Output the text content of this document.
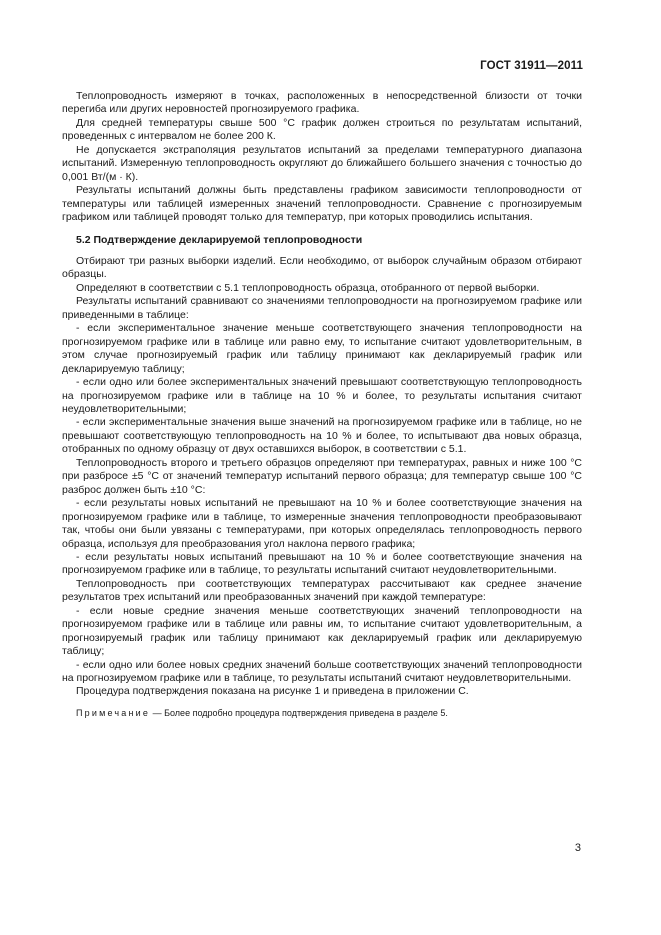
ГОСТ 31911—2011

Теплопроводность измеряют в точках, расположенных в непосредственной близости от точки перегиба или других неровностей прогнозируемого графика.

Для средней температуры свыше 500 °С график должен строиться по результатам испытаний, проведенных с интервалом не более 200 К.

Не допускается экстраполяция результатов испытаний за пределами температурного диапазона испытаний. Измеренную теплопроводность округляют до ближайшего большего значения с точностью до 0,001 Вт/(м · К).

Результаты испытаний должны быть представлены графиком зависимости теплопроводности от температуры или таблицей измеренных значений теплопроводности. Сравнение с прогнозируемым графиком или таблицей проводят только для температур, при которых проводились испытания.

5.2 Подтверждение декларируемой теплопроводности

Отбирают три разных выборки изделий. Если необходимо, от выборок случайным образом отбирают образцы.

Определяют в соответствии с 5.1 теплопроводность образца, отобранного от первой выборки.

Результаты испытаний сравнивают со значениями теплопроводности на прогнозируемом графике или приведенными в таблице:

- если экспериментальное значение меньше соответствующего значения теплопроводности на прогнозируемом графике или в таблице или равно ему, то испытание считают удовлетворительным, в этом случае прогнозируемый график или таблицу принимают как декларируемый график или декларируемую таблицу;

- если одно или более экспериментальных значений превышают соответствующую теплопроводность на прогнозируемом графике или в таблице на 10 % и более, то результаты испытания считают неудовлетворительными;

- если экспериментальные значения выше значений на прогнозируемом графике или в таблице, но не превышают соответствующую теплопроводность на 10 % и более, то испытывают два новых образца, отобранных по одному образцу от двух оставшихся выборок, в соответствии с 5.1.

Теплопроводность второго и третьего образцов определяют при температурах, равных и ниже 100 °С при разбросе ±5 °С от значений температур испытаний первого образца; для температур свыше 100 °С разброс должен быть ±10 °С:

- если результаты новых испытаний не превышают на 10 % и более соответствующие значения на прогнозируемом графике или в таблице, то измеренные значения теплопроводности преобразовывают так, чтобы они были увязаны с температурами, при которых определялась теплопроводность первого образца, используя для преобразования угол наклона первого графика;

- если результаты новых испытаний превышают на 10 % и более соответствующие значения на прогнозируемом графике или в таблице, то результаты испытаний считают неудовлетворительными.

Теплопроводность при соответствующих температурах рассчитывают как среднее значение результатов трех испытаний или преобразованных значений при каждой температуре:

- если новые средние значения меньше соответствующих значений теплопроводности на прогнозируемом графике или в таблице или равны им, то испытание считают удовлетворительным, а прогнозируемый график или таблицу принимают как декларируемый график или декларируемую таблицу;

- если одно или более новых средних значений больше соответствующих значений теплопроводности на прогнозируемом графике или в таблице, то результаты испытаний считают неудовлетворительными.

Процедура подтверждения показана на рисунке 1 и приведена в приложении С.

Примечание — Более подробно процедура подтверждения приведена в разделе 5.

3
